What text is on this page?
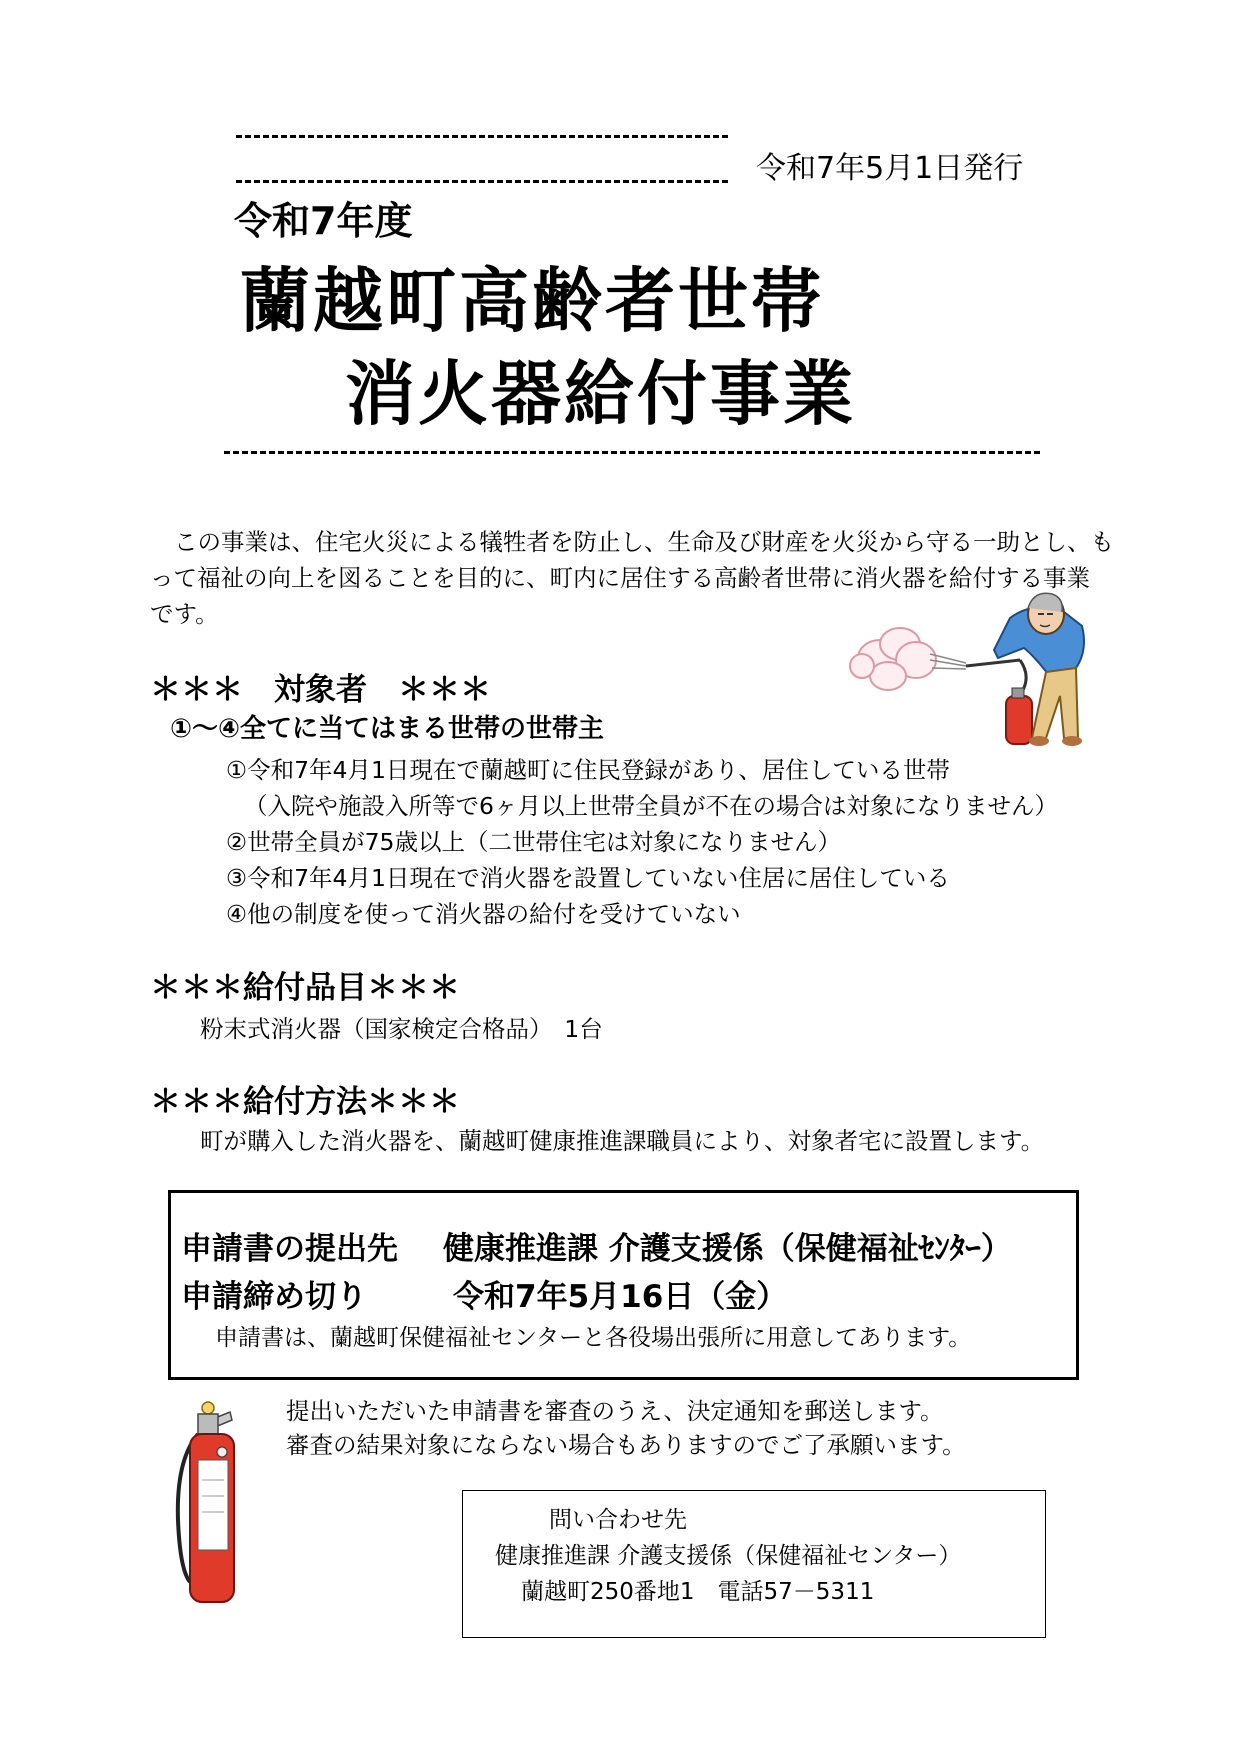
令和7年5月1日発行
令和7年度
蘭越町高齢者世帯
消火器給付事業
この事業は、住宅火災による犠牲者を防止し、生命及び財産を火災から守る一助とし、も
って福祉の向上を図ることを目的に、町内に居住する高齢者世帯に消火器を給付する事業
です。
＊＊＊　対象者　＊＊＊
①～④全てに当てはまる世帯の世帯主
①令和7年4月1日現在で蘭越町に住民登録があり、居住している世帯
（入院や施設入所等で6ヶ月以上世帯全員が不在の場合は対象になりません）
②世帯全員が75歳以上（二世帯住宅は対象になりません）
③令和7年4月1日現在で消火器を設置していない住居に居住している
④他の制度を使って消火器の給付を受けていない
＊＊＊給付品目＊＊＊
粉末式消火器（国家検定合格品）　1台
＊＊＊給付方法＊＊＊
町が購入した消火器を、蘭越町健康推進課職員により、対象者宅に設置します。
申請書の提出先 健康推進課 介護支援係（保健福祉ｾﾝﾀｰ）
申請締め切り	令和7年5月16日（金）
申請書は、蘭越町保健福祉センターと各役場出張所に用意してあります。
提出いただいた申請書を審査のうえ、決定通知を郵送します。
審査の結果対象にならない場合もありますのでご了承願います。
問い合わせ先
健康推進課 介護支援係（保健福祉センター）
蘭越町250番地1　電話57－5311
